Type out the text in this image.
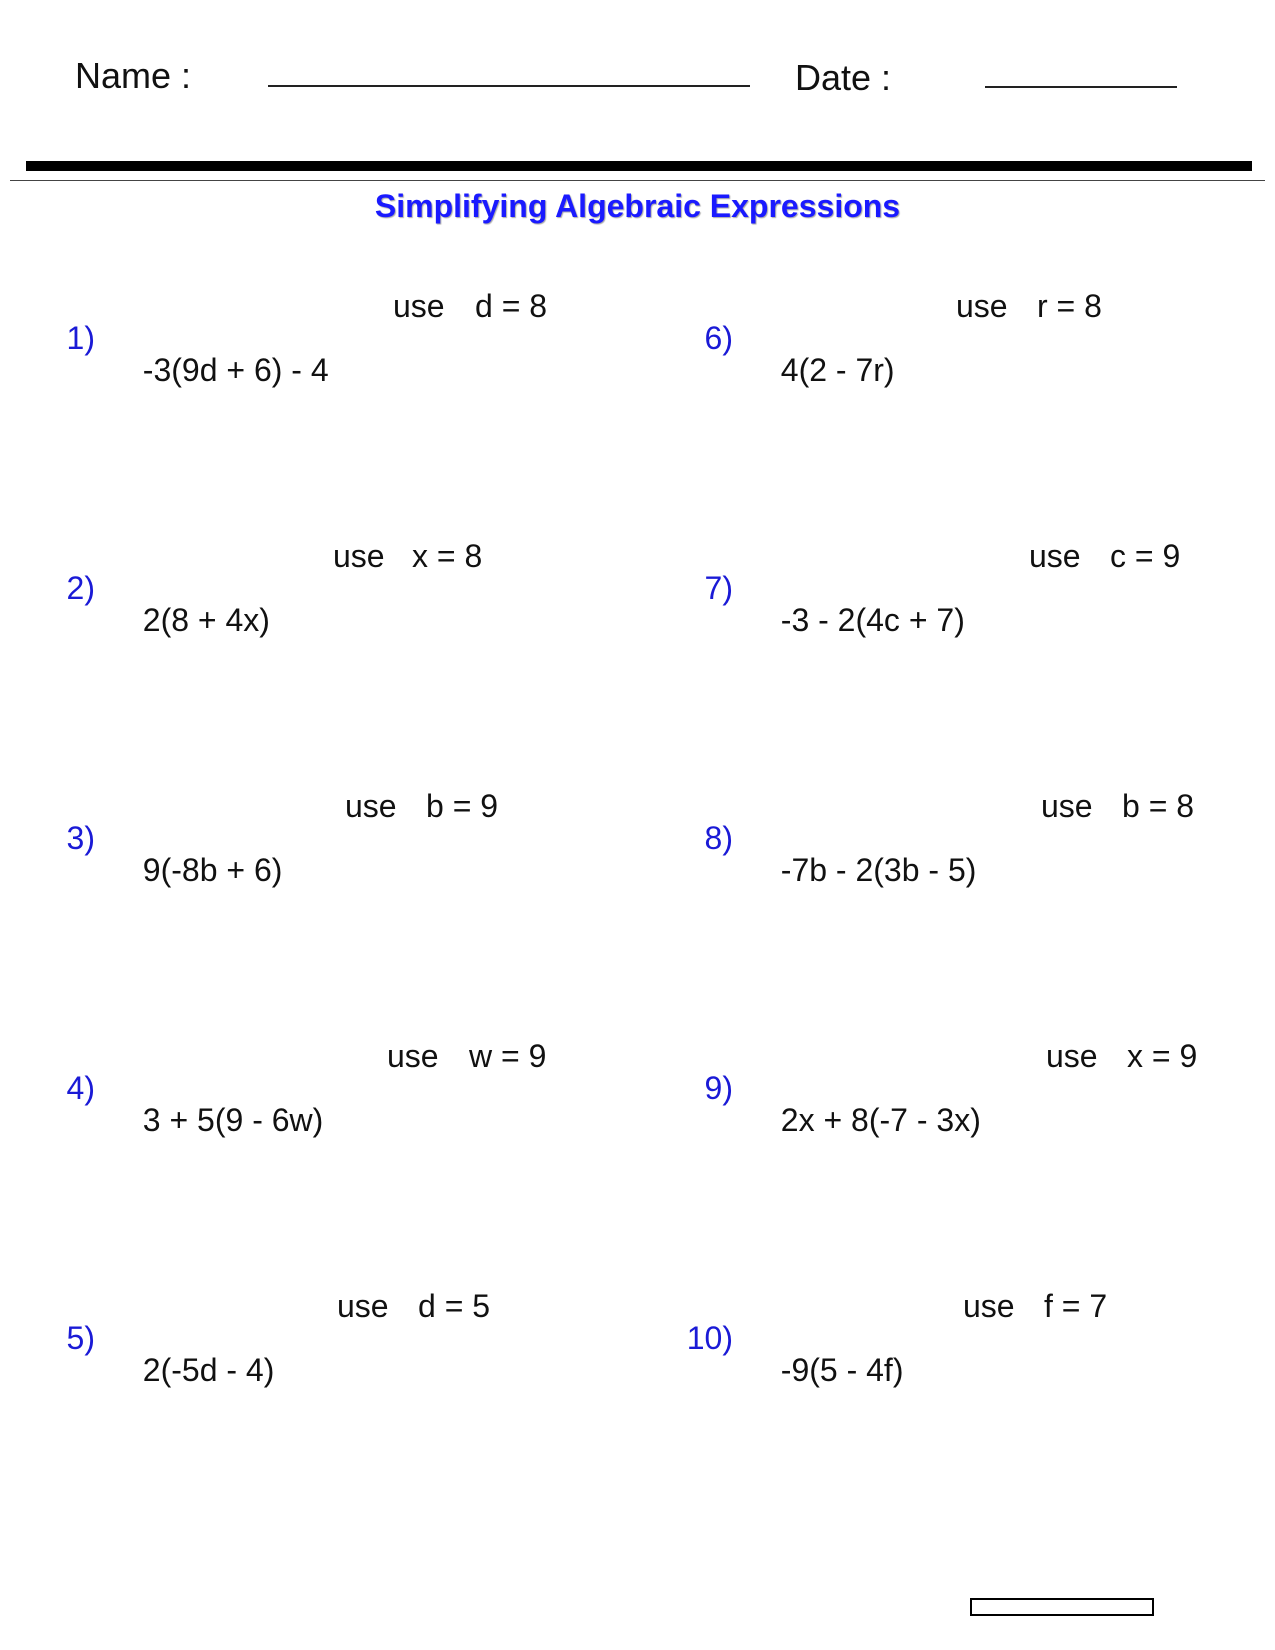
Name :	Date :
Simplifying Algebraic Expressions

1)

-3(9d + 6) - 4

use

d = 8

2)

2(8 + 4x)

use

x = 8

3)

9(-8b + 6)

use

b = 9

4)

3 + 5(9 - 6w)

use

w = 9

5)

2(-5d - 4)

use

d = 5

6)

4(2 - 7r)

use

r = 8

7)

-3 - 2(4c + 7)

use

c = 9

8)

-7b - 2(3b - 5)

use

b = 8

9)

2x + 8(-7 - 3x)

use

x = 9

10)

-9(5 - 4f)

use

f = 7
